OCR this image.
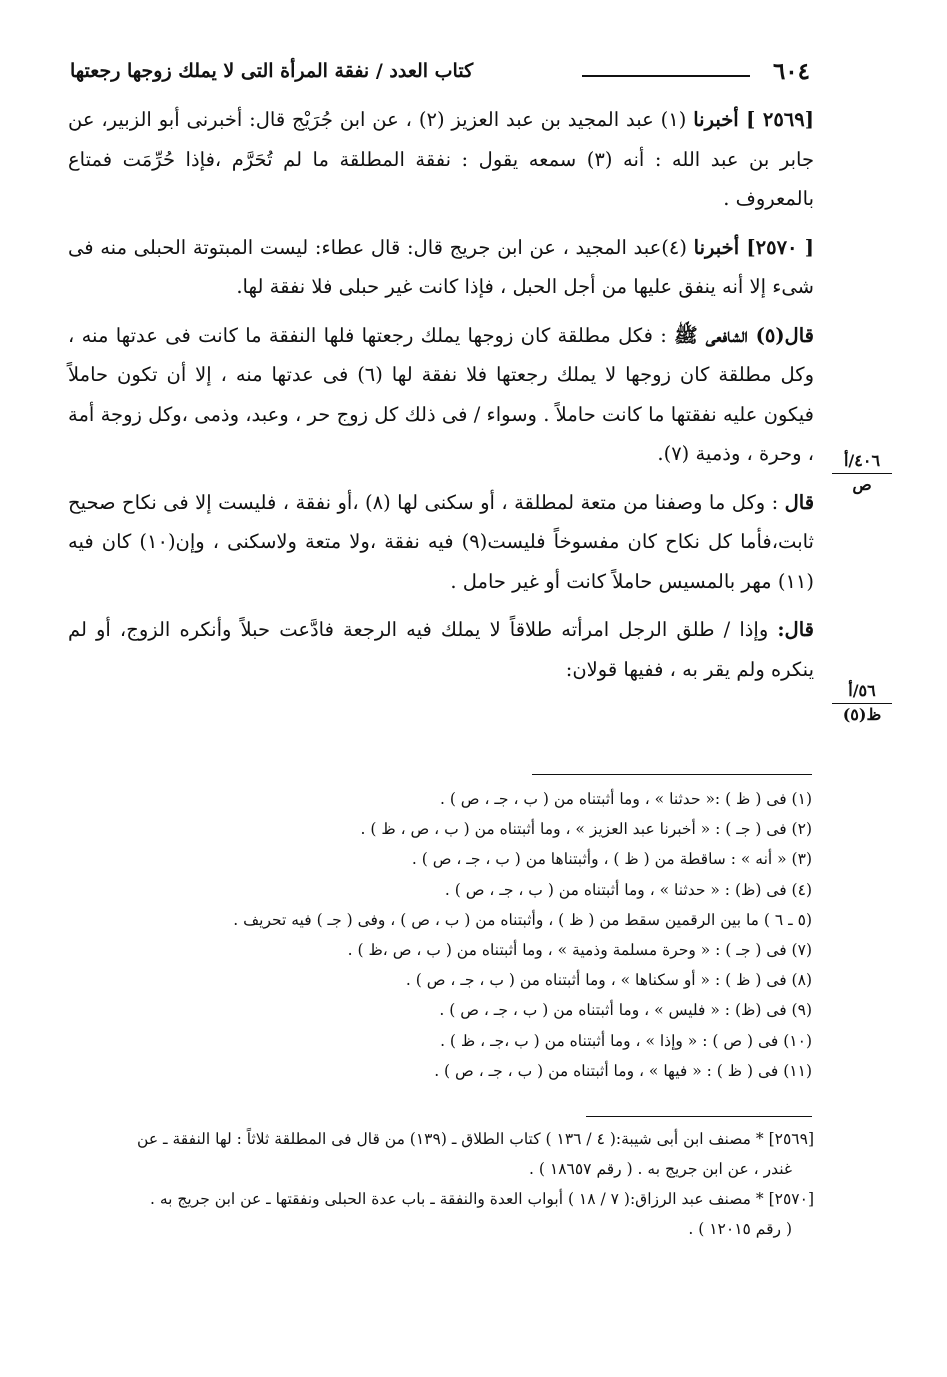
٦٠٤
كتاب العدد / نفقة المرأة التى لا يملك زوجها رجعتها

[٢٥٦٩ ] أخبرنا (١) عبد المجيد بن عبد العزيز (٢) ، عن ابن جُرَيْج قال: أخبرنى أبو الزبير، عن جابر بن عبد الله : أنه (٣) سمعه يقول : نفقة المطلقة ما لم تُحَرَّم ،فإذا حُرِّمَت فمتاع بالمعروف .

[ ٢٥٧٠] أخبرنا (٤)عبد المجيد ، عن ابن جريج قال: قال عطاء: ليست المبتوتة الحبلى منه فى شىء إلا أنه ينفق عليها من أجل الحبل ، فإذا كانت غير حبلى فلا نفقة لها.

قال(٥) الشافعى ﷺ : فكل مطلقة كان زوجها يملك رجعتها فلها النفقة ما كانت فى عدتها منه ، وكل مطلقة كان زوجها لا يملك رجعتها فلا نفقة لها (٦) فى عدتها منه ، إلا أن تكون حاملاً فيكون عليه نفقتها ما كانت حاملاً . وسواء / فى ذلك كل زوج حر ، وعبد، وذمى ،وكل زوجة أمة ، وحرة ، وذمية (٧).

قال : وكل ما وصفنا من متعة لمطلقة ، أو سكنى لها (٨) ،أو نفقة ، فليست إلا فى نكاح صحيح ثابت،فأما كل نكاح كان مفسوخاً فليست(٩) فيه نفقة ،ولا متعة ولاسكنى ، وإن(١٠) كان فيه (١١) مهر بالمسيس حاملاً كانت أو غير حامل .

قال: وإذا / طلق الرجل امرأته طلاقاً لا يملك فيه الرجعة فادَّعت حبلاً وأنكره الزوج، أو لم ينكره ولم يقر به ، ففيها قولان:

٤٠٦/أ
ص
٥٦/أ
ظ(٥)

(١) فى ( ظ ) :« حدثنا » ، وما أثبتناه من ( ب ، جـ ، ص ) .

(٢) فى ( جـ ) : « أخبرنا عبد العزيز » ، وما أثبتناه من ( ب ، ص ، ظ ) .

(٣) « أنه » : ساقطة من ( ظ ) ، وأثبتناها من ( ب ، جـ ، ص ) .

(٤) فى (ظ) : « حدثنا » ، وما أثبتناه من ( ب ، جـ ، ص ) .

(٥ ـ ٦ ) ما بين الرقمين سقط من ( ظ ) ، وأثبتناه من ( ب ، ص ) ، وفى ( جـ ) فيه تحريف .

(٧) فى ( جـ ) : « وحرة مسلمة وذمية » ، وما أثبتناه من ( ب ، ص ،ظ ) .

(٨) فى ( ظ ) : « أو سكناها » ، وما أثبتناه من ( ب ، جـ ، ص ) .

(٩) فى (ظ) : « فليس » ، وما أثبتناه من ( ب ، جـ ، ص ) .

(١٠) فى ( ص ) : « وإذا » ، وما أثبتناه من ( ب ،جـ ، ظ ) .

(١١) فى ( ظ ) : « فيها » ، وما أثبتناه من ( ب ، جـ ، ص ) .

[٢٥٦٩] * مصنف ابن أبى شيبة:( ٤ / ١٣٦ ) كتاب الطلاق ـ (١٣٩) من قال فى المطلقة ثلاثاً : لها النفقة ـ عن

غندر ، عن ابن جريج به . ( رقم ١٨٦٥٧ ) .

[٢٥٧٠] * مصنف عبد الرزاق:( ٧ / ١٨ ) أبواب العدة والنفقة ـ باب عدة الحبلى ونفقتها ـ عن ابن جريج به .

( رقم ١٢٠١٥ ) .
